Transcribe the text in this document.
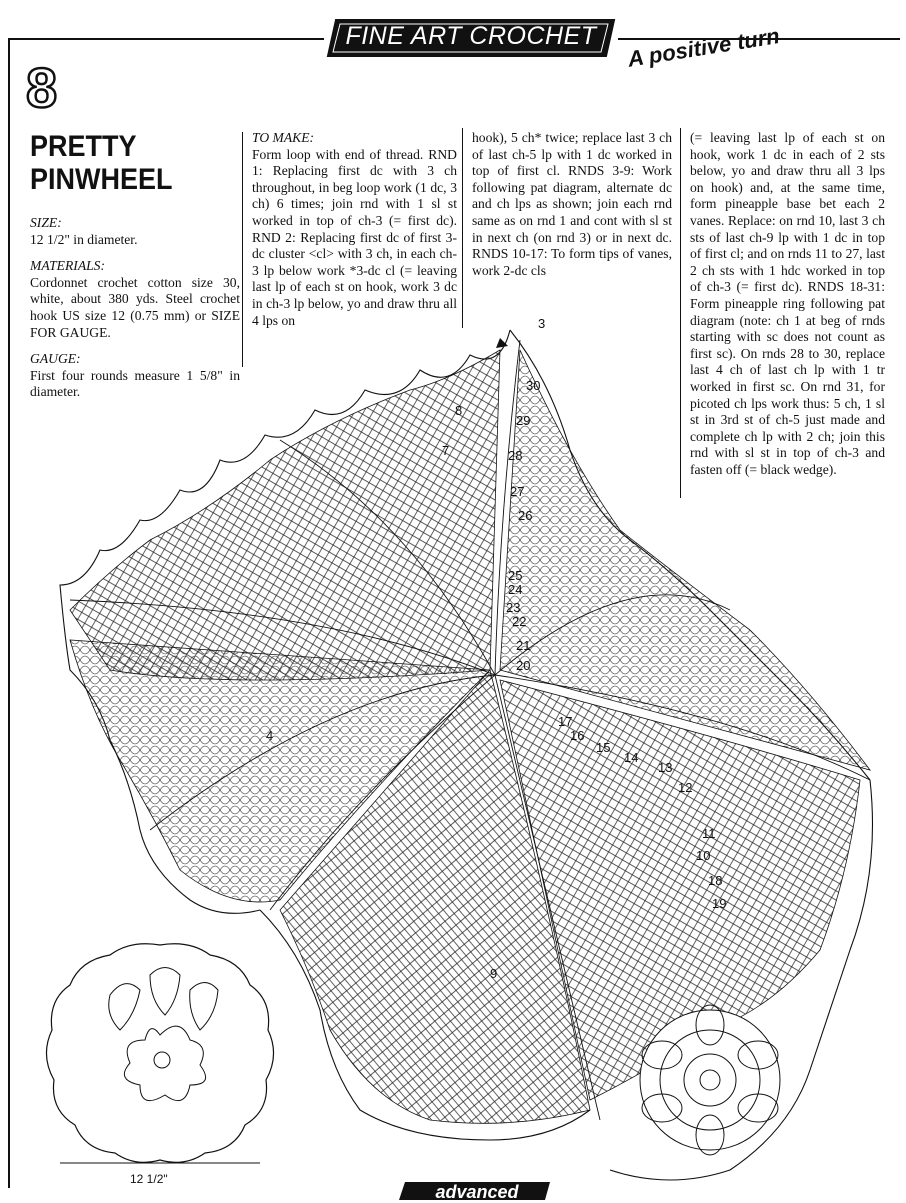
FINE ART CROCHET	A positive turn
8
PRETTY PINWHEEL

SIZE:

12 1/2" in diameter.

MATERIALS:

Cordonnet crochet cotton size 30, white, about 380 yds. Steel crochet hook US size 12 (0.75 mm) or SIZE FOR GAUGE.

GAUGE:

First four rounds measure 1 5/8" in diameter.

TO MAKE:

Form loop with end of thread. RND 1: Replacing first dc with 3 ch throughout, in beg loop work (1 dc, 3 ch) 6 times; join rnd with 1 sl st worked in top of ch-3 (= first dc). RND 2: Replacing first dc of first 3-dc cluster <cl> with 3 ch, in each ch-3 lp below work *3-dc cl (= leaving last lp of each st on hook, work 3 dc in ch-3 lp below, yo and draw thru all 4 lps on

hook), 5 ch* twice; replace last 3 ch of last ch-5 lp with 1 dc worked in top of first cl. RNDS 3-9: Work following pat diagram, alternate dc and ch lps as shown; join each rnd same as on rnd 1 and cont with sl st in next ch (on rnd 3) or in next dc. RNDS 10-17: To form tips of vanes, work 2-dc cls

(= leaving last lp of each st on hook, work 1 dc in each of 2 sts below, yo and draw thru all 3 lps on hook) and, at the same time, form pineapple base bet each 2 vanes. Replace: on rnd 10, last 3 ch sts of last ch-9 lp with 1 dc in top of first cl; and on rnds 11 to 27, last 2 ch sts with 1 hdc worked in top of ch-3 (= first dc). RNDS 18-31: Form pineapple ring following pat diagram (note: ch 1 at beg of rnds starting with sc does not count as first sc). On rnds 28 to 30, replace last 4 ch of last ch lp with 1 tr worked in first sc. On rnd 31, for picoted ch lps work thus: 5 ch, 1 sl st in 3rd st of ch-5 just made and complete ch lp with 2 ch; join this rnd with sl st in top of ch-3 and fasten off (= black wedge).

3
4
7
8
9
10
11
12
13
14
15
16
17
18
19
20
21
22
23
24
25
26
27
28
29
30
12 1/2"
advanced
